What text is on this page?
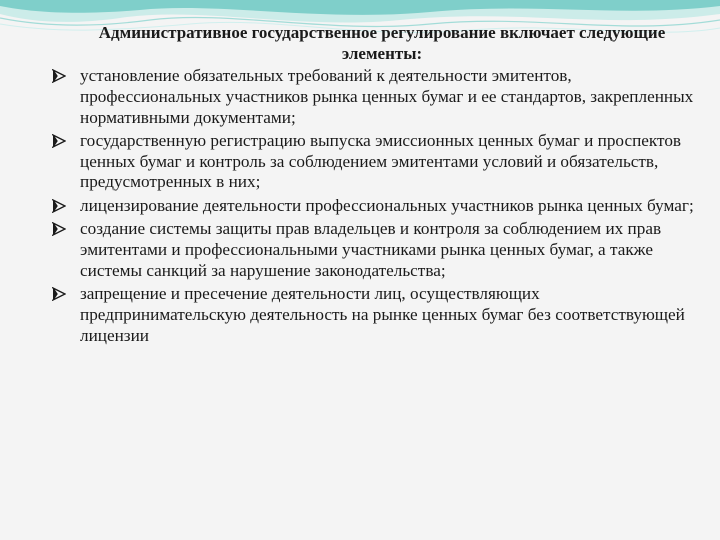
Административное государственное регулирование включает следующие элементы:
установление обязательных требований к деятельности эмитентов, профессиональных участников рынка ценных бумаг и ее стандартов, закрепленных нормативными документами;
государственную регистрацию выпуска эмиссионных ценных бумаг и проспектов ценных бумаг и контроль за соблюдением эмитентами условий и обязательств, предусмотренных в них;
лицензирование деятельности профессиональных участников рынка ценных бумаг;
создание системы защиты прав владельцев и контроля за соблюдением их прав эмитентами и профессиональными участниками рынка ценных бумаг, а также системы санкций за нарушение законодательства;
запрещение и пресечение деятельности лиц, осуществляющих предпринимательскую деятельность на рынке ценных бумаг без соответствующей лицензии
